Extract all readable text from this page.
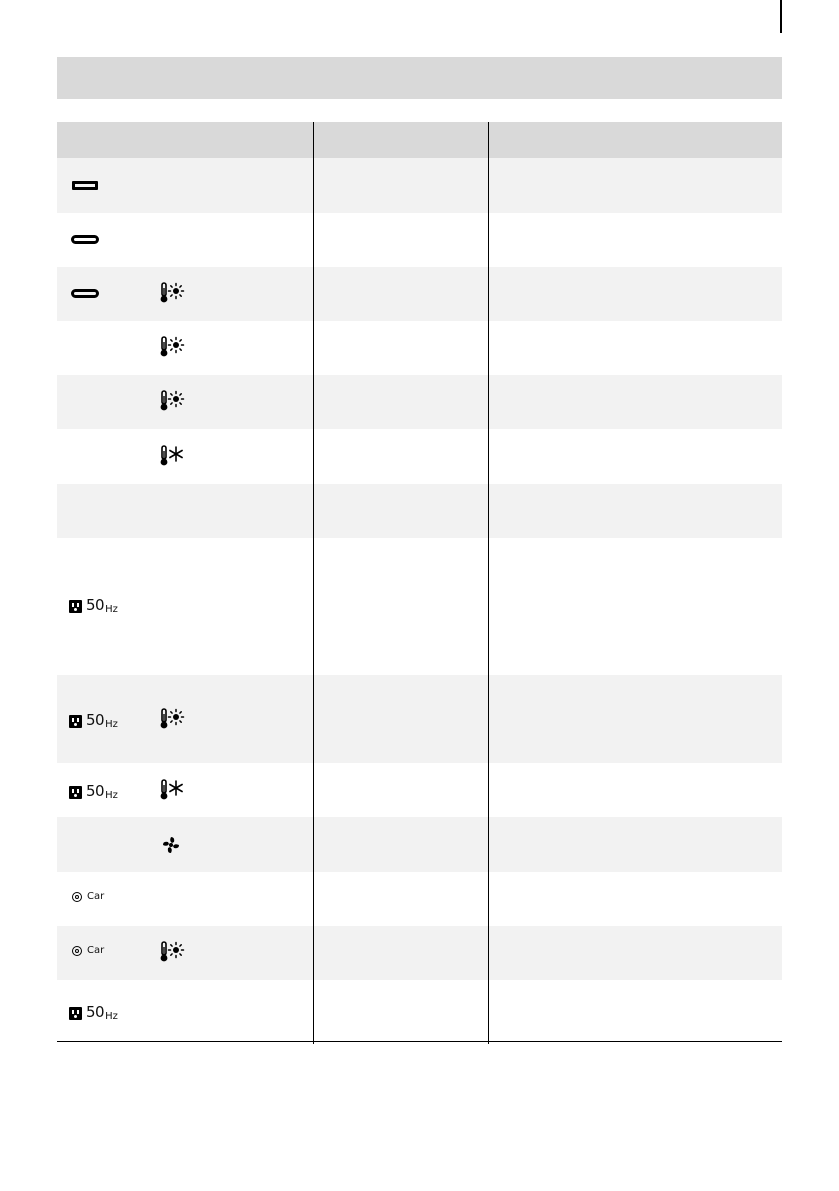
50Hz
50Hz
50Hz
Car
Car
50Hz
